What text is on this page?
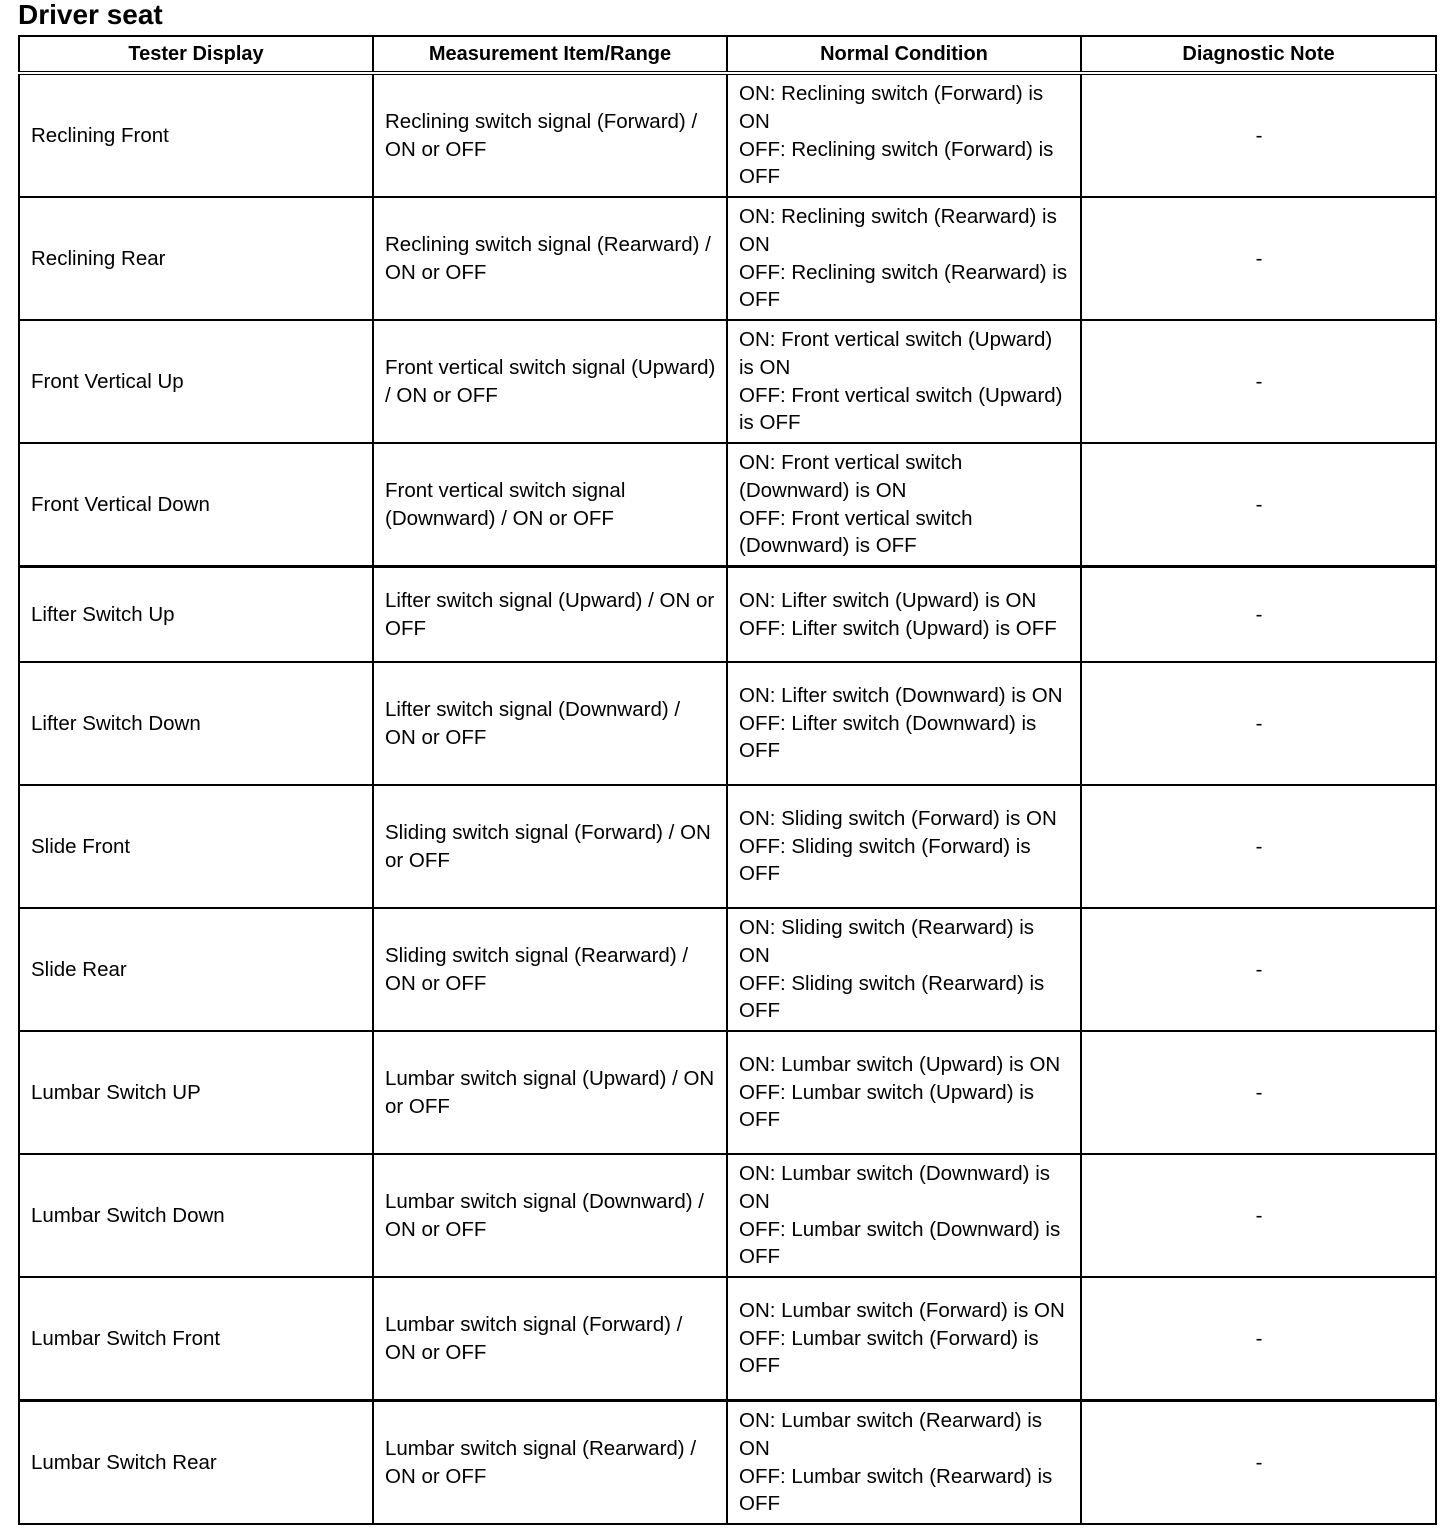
Driver seat
Tester Display	Measurement Item/Range	Normal Condition	Diagnostic Note
Reclining Front	Reclining switch signal (Forward) / ON or OFF	ON: Reclining switch (Forward) is ON
OFF: Reclining switch (Forward) is OFF	-
Reclining Rear	Reclining switch signal (Rearward) / ON or OFF	ON: Reclining switch (Rearward) is ON
OFF: Reclining switch (Rearward) is OFF	-
Front Vertical Up	Front vertical switch signal (Upward) / ON or OFF	ON: Front vertical switch (Upward) is ON
OFF: Front vertical switch (Upward) is OFF	-
Front Vertical Down	Front vertical switch signal (Downward) / ON or OFF	ON: Front vertical switch (Downward) is ON
OFF: Front vertical switch (Downward) is OFF	-
Lifter Switch Up	Lifter switch signal (Upward) / ON or OFF	ON: Lifter switch (Upward) is ON
OFF: Lifter switch (Upward) is OFF	-
Lifter Switch Down	Lifter switch signal (Downward) / ON or OFF	ON: Lifter switch (Downward) is ON
OFF: Lifter switch (Downward) is OFF	-
Slide Front	Sliding switch signal (Forward) / ON or OFF	ON: Sliding switch (Forward) is ON
OFF: Sliding switch (Forward) is OFF	-
Slide Rear	Sliding switch signal (Rearward) / ON or OFF	ON: Sliding switch (Rearward) is ON
OFF: Sliding switch (Rearward) is OFF	-
Lumbar Switch UP	Lumbar switch signal (Upward) / ON or OFF	ON: Lumbar switch (Upward) is ON
OFF: Lumbar switch (Upward) is OFF	-
Lumbar Switch Down	Lumbar switch signal (Downward) / ON or OFF	ON: Lumbar switch (Downward) is ON
OFF: Lumbar switch (Downward) is OFF	-
Lumbar Switch Front	Lumbar switch signal (Forward) / ON or OFF	ON: Lumbar switch (Forward) is ON
OFF: Lumbar switch (Forward) is OFF	-
Lumbar Switch Rear	Lumbar switch signal (Rearward) / ON or OFF	ON: Lumbar switch (Rearward) is ON
OFF: Lumbar switch (Rearward) is OFF	-
